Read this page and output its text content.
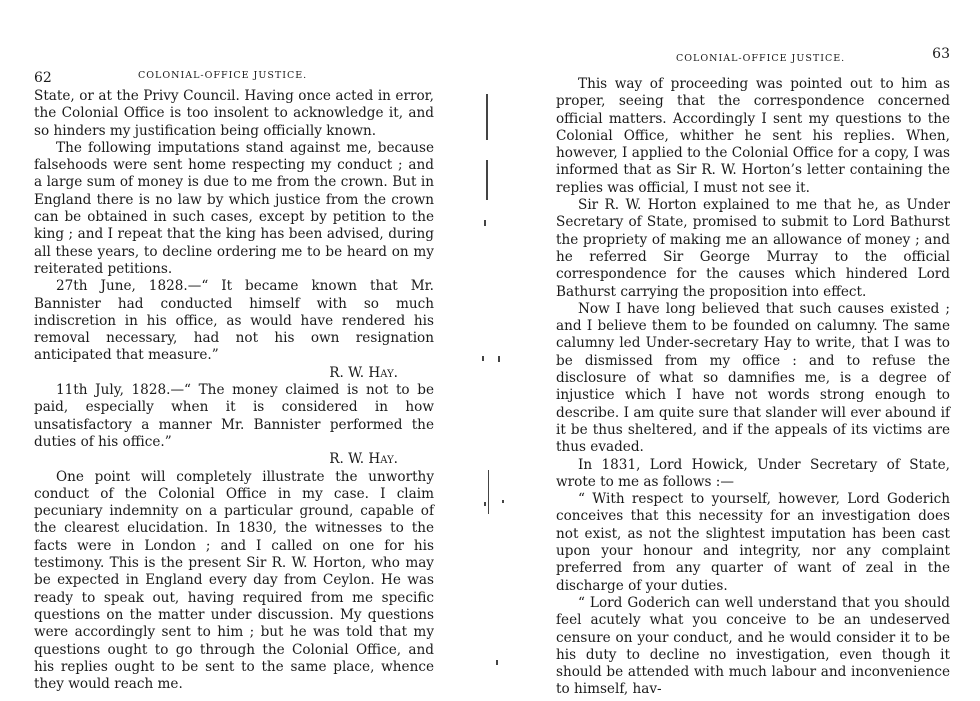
62	COLONIAL-OFFICE JUSTICE.

State, or at the Privy Council. Having once acted in error, the Colonial Office is too insolent to acknowledge it, and so hinders my justification being officially known.

The following imputations stand against me, because falsehoods were sent home respecting my conduct ; and a large sum of money is due to me from the crown. But in England there is no law by which justice from the crown can be obtained in such cases, except by petition to the king ; and I repeat that the king has been advised, during all these years, to decline ordering me to be heard on my reiterated petitions.

27th June, 1828.—“ It became known that Mr. Bannister had conducted himself with so much indiscretion in his office, as would have rendered his removal necessary, had not his own resignation anticipated that measure.”

R. W. Hay.

11th July, 1828.—“ The money claimed is not to be paid, especially when it is considered in how unsatisfactory a manner Mr. Bannister performed the duties of his office.”

R. W. Hay.

One point will completely illustrate the unworthy conduct of the Colonial Office in my case. I claim pecuniary indemnity on a particular ground, capable of the clearest elucidation. In 1830, the witnesses to the facts were in London ; and I called on one for his testimony. This is the present Sir R. W. Horton, who may be expected in England every day from Ceylon. He was ready to speak out, having required from me specific questions on the matter under discussion. My questions were accordingly sent to him ; but he was told that my questions ought to go through the Colonial Office, and his replies ought to be sent to the same place, whence they would reach me.

COLONIAL-OFFICE JUSTICE.	63

This way of proceeding was pointed out to him as proper, seeing that the correspondence concerned official matters. Accordingly I sent my questions to the Colonial Office, whither he sent his replies. When, however, I applied to the Colonial Office for a copy, I was informed that as Sir R. W. Horton’s letter containing the replies was official, I must not see it.

Sir R. W. Horton explained to me that he, as Under Secretary of State, promised to submit to Lord Bathurst the propriety of making me an allowance of money ; and he referred Sir George Murray to the official correspondence for the causes which hindered Lord Bathurst carrying the proposition into effect.

Now I have long believed that such causes existed ; and I believe them to be founded on calumny. The same calumny led Under-secretary Hay to write, that I was to be dismissed from my office : and to refuse the disclosure of what so damnifies me, is a degree of injustice which I have not words strong enough to describe. I am quite sure that slander will ever abound if it be thus sheltered, and if the appeals of its victims are thus evaded.

In 1831, Lord Howick, Under Secretary of State, wrote to me as follows :—

“ With respect to yourself, however, Lord Goderich conceives that this necessity for an investigation does not exist, as not the slightest imputation has been cast upon your honour and integrity, nor any complaint preferred from any quarter of want of zeal in the discharge of your duties.

“ Lord Goderich can well understand that you should feel acutely what you conceive to be an undeserved censure on your conduct, and he would consider it to be his duty to decline no investigation, even though it should be attended with much labour and inconvenience to himself, hav-
